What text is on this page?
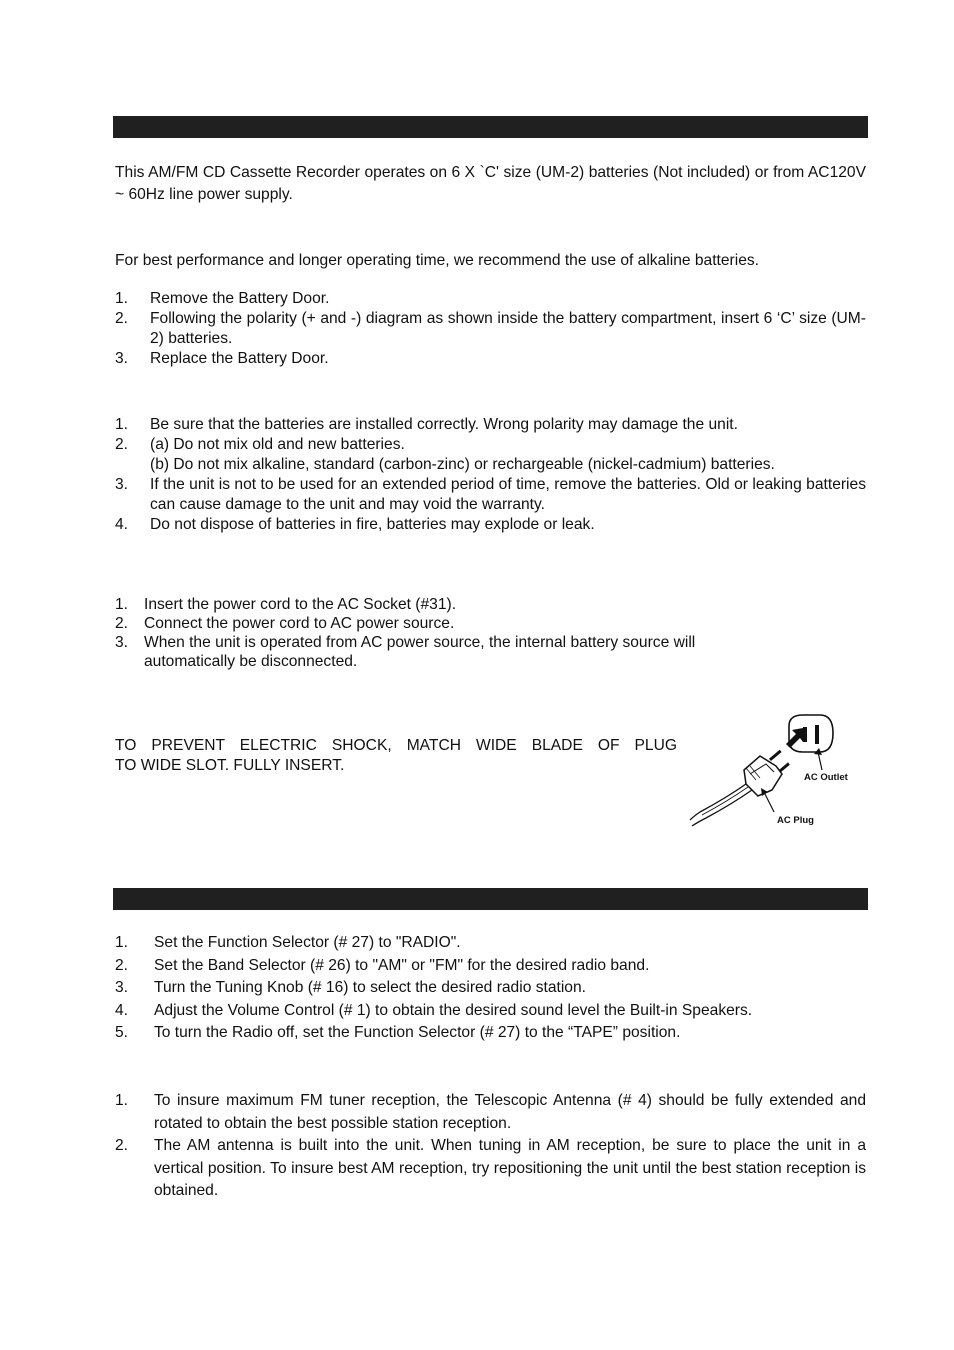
This AM/FM CD Cassette Recorder operates on 6 X `C' size (UM-2) batteries (Not included) or from AC120V ~ 60Hz line power supply.

For best performance and longer operating time, we recommend the use of alkaline batteries.

1. Remove the Battery Door.
2. Following the polarity (+ and -) diagram as shown inside the battery compartment, insert 6 ‘C’ size (UM-2) batteries.
3. Replace the Battery Door.
1. Be sure that the batteries are installed correctly. Wrong polarity may damage the unit.
2. (a) Do not mix old and new batteries.
(b) Do not mix alkaline, standard (carbon-zinc) or rechargeable (nickel-cadmium) batteries.
3. If the unit is not to be used for an extended period of time, remove the batteries. Old or leaking batteries can cause damage to the unit and may void the warranty.
4. Do not dispose of batteries in fire, batteries may explode or leak.
1. Insert the power cord to the AC Socket (#31).
2. Connect the power cord to AC power source.
3. When the unit is operated from AC power source, the internal battery source will automatically be disconnected.

TO PREVENT ELECTRIC SHOCK, MATCH WIDE BLADE OF PLUG
TO WIDE SLOT. FULLY INSERT.

AC Outlet
AC Plug
1. Set the Function Selector (# 27) to "RADIO".
2. Set the Band Selector (# 26) to "AM" or "FM" for the desired radio band.
3. Turn the Tuning Knob (# 16) to select the desired radio station.
4. Adjust the Volume Control (# 1) to obtain the desired sound level the Built-in Speakers.
5. To turn the Radio off, set the Function Selector (# 27) to the “TAPE” position.
1. To insure maximum FM tuner reception, the Telescopic Antenna (# 4) should be fully extended and rotated to obtain the best possible station reception.
2. The AM antenna is built into the unit. When tuning in AM reception, be sure to place the unit in a vertical position. To insure best AM reception, try repositioning the unit until the best station reception is obtained.
